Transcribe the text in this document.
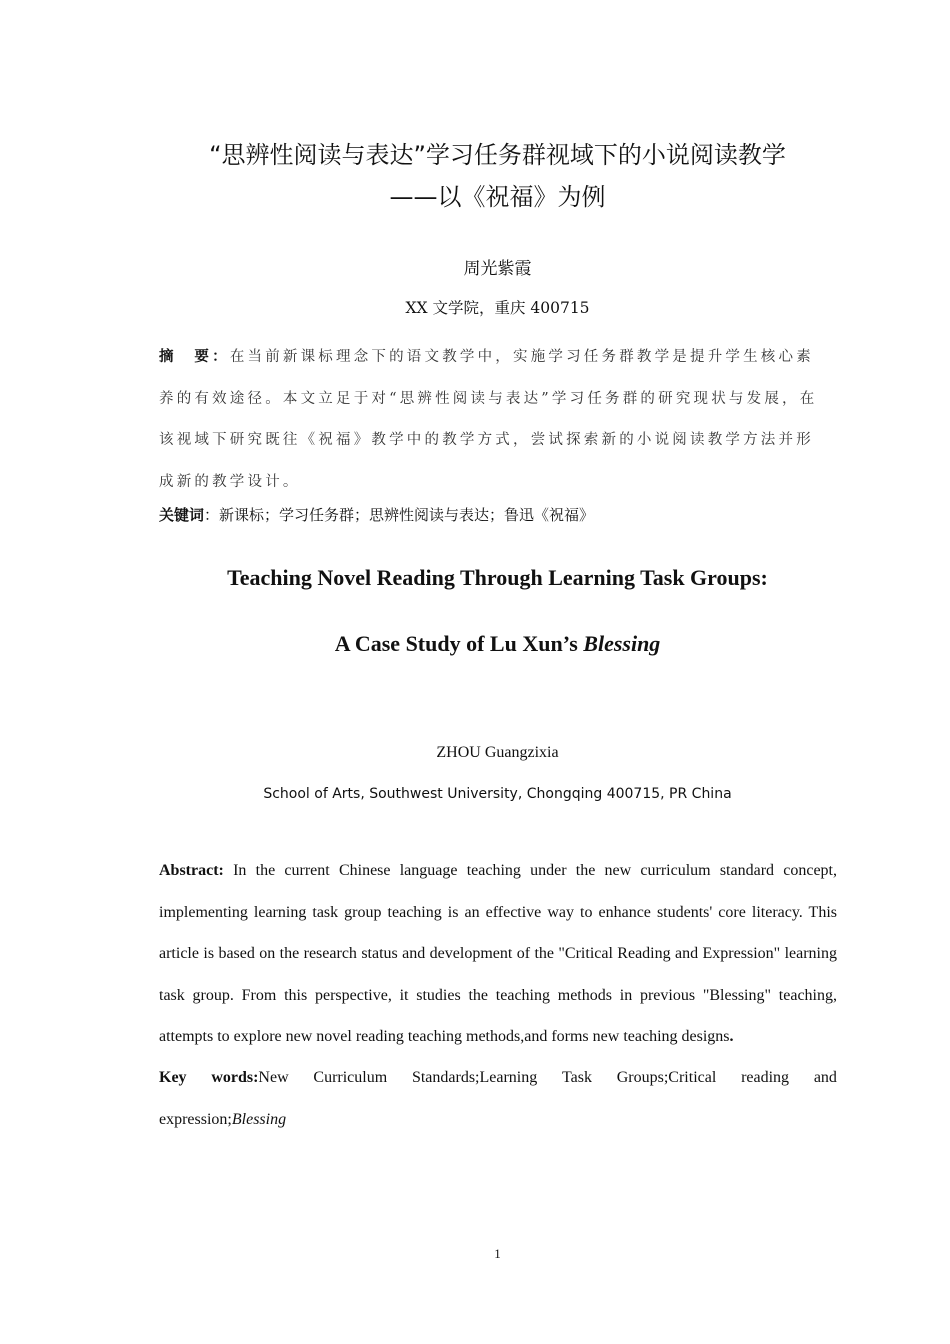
“思辨性阅读与表达”学习任务群视域下的小说阅读教学
——以《祝福》为例
周光紫霞
XX 文学院，重庆 400715
摘　要：在当前新课标理念下的语文教学中，实施学习任务群教学是提升学生核心素养的有效途径。本文立足于对“思辨性阅读与表达”学习任务群的研究现状与发展，在该视域下研究既往《祝福》教学中的教学方式，尝试探索新的小说阅读教学方法并形成新的教学设计。
关键词：新课标；学习任务群；思辨性阅读与表达；鲁迅《祝福》
Teaching Novel Reading Through Learning Task Groups:
A Case Study of Lu Xun’s Blessing
ZHOU Guangzixia
School of Arts, Southwest University, Chongqing 400715, PR China
Abstract: In the current Chinese language teaching under the new curriculum standard concept, implementing learning task group teaching is an effective way to enhance students' core literacy. This article is based on the research status and development of the "Critical Reading and Expression" learning task group. From this perspective, it studies the teaching methods in previous "Blessing" teaching, attempts to explore new novel reading teaching methods,and forms new teaching designs.
Key words:New Curriculum Standards;Learning Task Groups;Critical reading and
expression;Blessing
1
